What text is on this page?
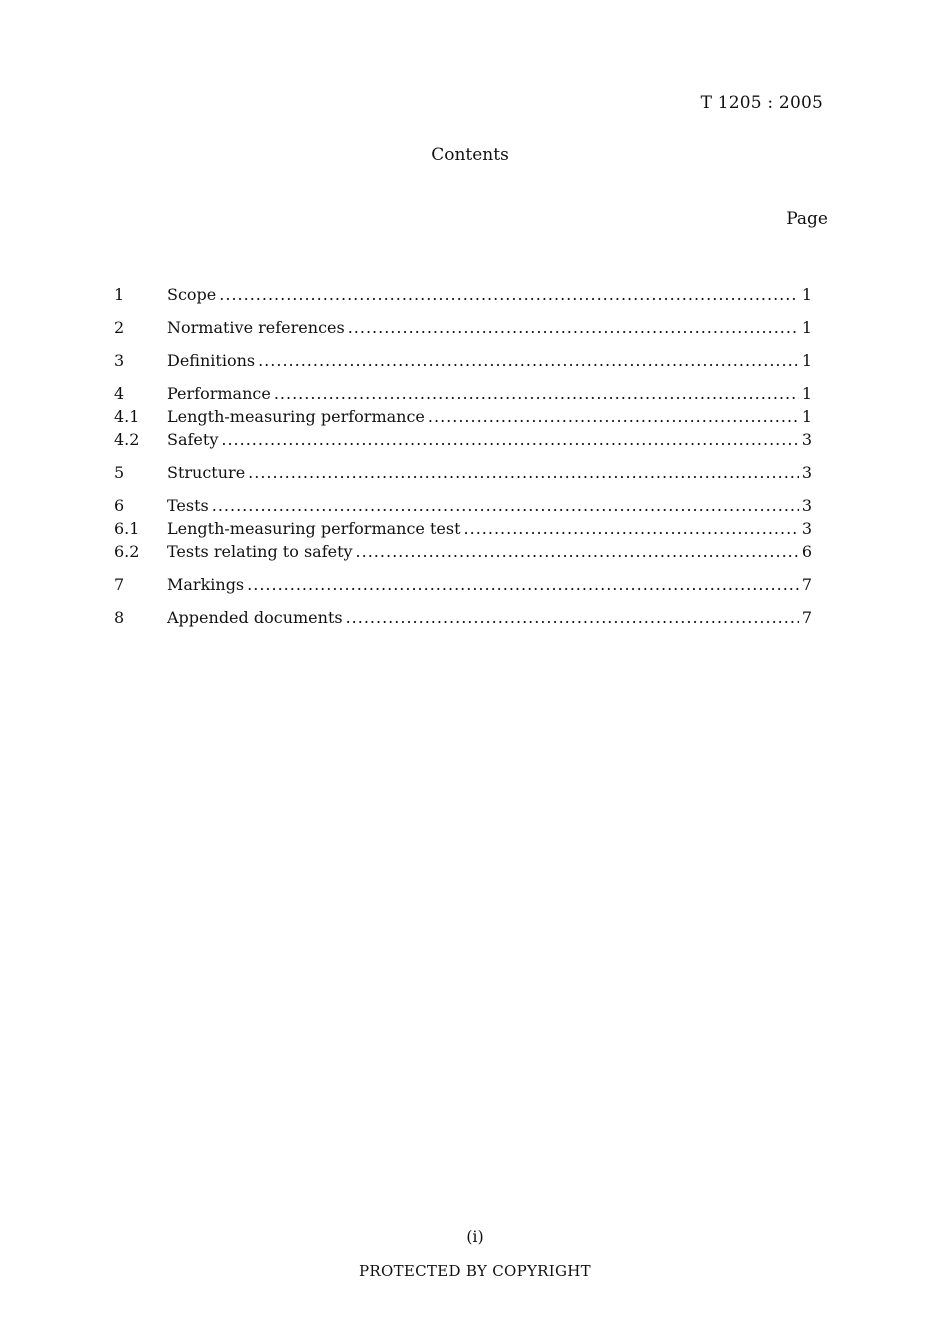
T 1205 : 2005
Contents
Page
1	Scope .....	1
2	Normative references .....	1
3	Definitions .....	1
4	Performance .....	1
4.1	Length-measuring performance .....	1
4.2	Safety .....	3
5	Structure .....	3
6	Tests .....	3
6.1	Length-measuring performance test .....	3
6.2	Tests relating to safety .....	6
7	Markings .....	7
8	Appended documents .....	7
(i)
PROTECTED BY COPYRIGHT
